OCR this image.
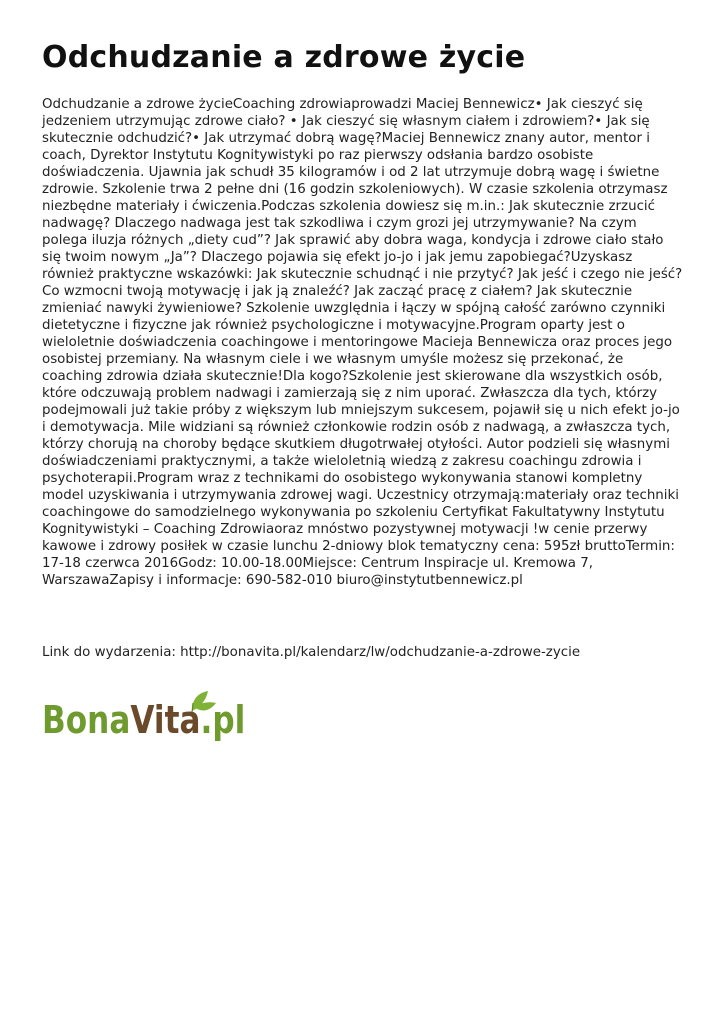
Odchudzanie a zdrowe życie

Odchudzanie a zdrowe życieCoaching zdrowiaprowadzi Maciej Bennewicz• Jak cieszyć się jedzeniem utrzymując zdrowe ciało? • Jak cieszyć się własnym ciałem i zdrowiem?• Jak się skutecznie odchudzić?• Jak utrzymać dobrą wagę?Maciej Bennewicz znany autor, mentor i coach, Dyrektor Instytutu Kognitywistyki po raz pierwszy odsłania bardzo osobiste doświadczenia. Ujawnia jak schudł 35 kilogramów i od 2 lat utrzymuje dobrą wagę i świetne zdrowie. Szkolenie trwa 2 pełne dni (16 godzin szkoleniowych). W czasie szkolenia otrzymasz niezbędne materiały i ćwiczenia.Podczas szkolenia dowiesz się m.in.: Jak skutecznie zrzucić nadwagę? Dlaczego nadwaga jest tak szkodliwa i czym grozi jej utrzymywanie? Na czym polega iluzja różnych „diety cud”? Jak sprawić aby dobra waga, kondycja i zdrowe ciało stało się twoim nowym „Ja”? Dlaczego pojawia się efekt jo-jo i jak jemu zapobiegać?Uzyskasz również praktyczne wskazówki: Jak skutecznie schudnąć i nie przytyć? Jak jeść i czego nie jeść? Co wzmocni twoją motywację i jak ją znaleźć? Jak zacząć pracę z ciałem? Jak skutecznie zmieniać nawyki żywieniowe? Szkolenie uwzględnia i łączy w spójną całość zarówno czynniki dietetyczne i fizyczne jak również psychologiczne i motywacyjne.Program oparty jest o wieloletnie doświadczenia coachingowe i mentoringowe Macieja Bennewicza oraz proces jego osobistej przemiany. Na własnym ciele i we własnym umyśle możesz się przekonać, że coaching zdrowia działa skutecznie!Dla kogo?Szkolenie jest skierowane dla wszystkich osób, które odczuwają problem nadwagi i zamierzają się z nim uporać. Zwłaszcza dla tych, którzy podejmowali już takie próby z większym lub mniejszym sukcesem, pojawił się u nich efekt jo-jo i demotywacja. Mile widziani są również członkowie rodzin osób z nadwagą, a zwłaszcza tych, którzy chorują na choroby będące skutkiem długotrwałej otyłości. Autor podzieli się własnymi doświadczeniami praktycznymi, a także wieloletnią wiedzą z zakresu coachingu zdrowia i psychoterapii.Program wraz z technikami do osobistego wykonywania stanowi kompletny model uzyskiwania i utrzymywania zdrowej wagi. Uczestnicy otrzymają:materiały oraz techniki coachingowe do samodzielnego wykonywania po szkoleniu Certyfikat Fakultatywny Instytutu Kognitywistyki – Coaching Zdrowiaoraz mnóstwo pozystywnej motywacji !w cenie przerwy kawowe i zdrowy posiłek w czasie lunchu 2-dniowy blok tematyczny cena: 595zł bruttoTermin: 17-18 czerwca 2016Godz: 10.00-18.00Miejsce: Centrum Inspiracje ul. Kremowa 7, WarszawaZapisy i informacje: 690-582-010 biuro@instytutbennewicz.pl

Link do wydarzenia: http://bonavita.pl/kalendarz/lw/odchudzanie-a-zdrowe-zycie
BonaVita.pl
